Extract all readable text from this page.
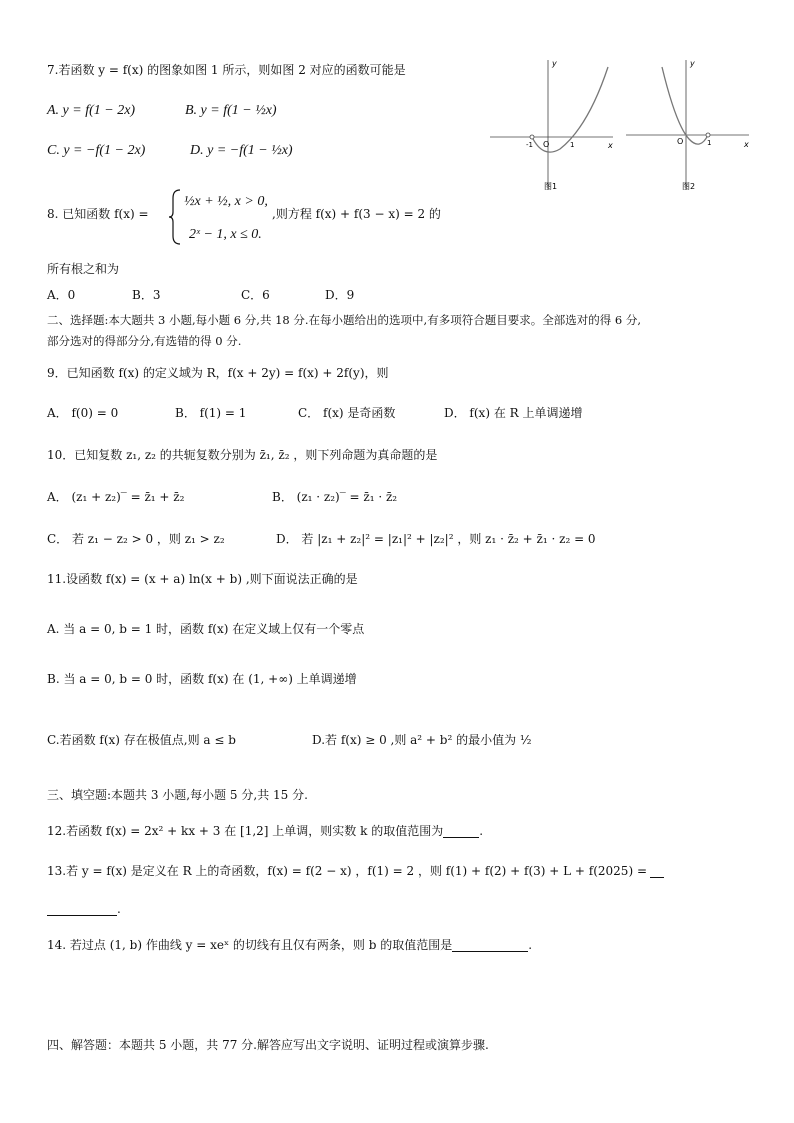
7.若函数 y = f(x) 的图象如图 1 所示，则如图 2 对应的函数可能是
A. y = f(1 − 2x)	B. y = f(1 − ½x)
C. y = −f(1 − 2x)	D. y = −f(1 − ½x)	x
y
O
-1	1
图1
x
y
O	1
图2
8. 已知函数 f(x) =
½x + ½, x > 0,
2ˣ − 1, x ≤ 0.
,则方程 f(x) + f(3 − x) = 2 的
所有根之和为
A．0	B．3	C．6	D．9
二、选择题:本大题共 3 小题,每小题 6 分,共 18 分.在每小题给出的选项中,有多项符合题目要求。全部选对的得 6 分,
部分选对的得部分分,有选错的得 0 分.
9．已知函数 f(x) 的定义域为 R，f(x + 2y) = f(x) + 2f(y)，则
A． f(0) = 0	B． f(1) = 1	C． f(x) 是奇函数	D． f(x) 在 R 上单调递增
10．已知复数 z₁, z₂ 的共轭复数分别为 z̄₁, z̄₂ ，则下列命题为真命题的是
A． (z₁ + z₂)‾ = z̄₁ + z̄₂	B． (z₁ · z₂)‾ = z̄₁ · z̄₂
C． 若 z₁ − z₂ > 0 ，则 z₁ > z₂	D． 若 |z₁ + z₂|² = |z₁|² + |z₂|² ，则 z₁ · z̄₂ + z̄₁ · z₂ = 0
11.设函数 f(x) = (x + a) ln(x + b) ,则下面说法正确的是
A. 当 a = 0, b = 1 时，函数 f(x) 在定义域上仅有一个零点
B. 当 a = 0, b = 0 时，函数 f(x) 在 (1, +∞) 上单调递增
C.若函数 f(x) 存在极值点,则 a ≤ b	D.若 f(x) ≥ 0 ,则 a² + b² 的最小值为 ½
三、填空题:本题共 3 小题,每小题 5 分,共 15 分.
12.若函数 f(x) = 2x² + kx + 3 在 [1,2] 上单调，则实数 k 的取值范围为	.
13.若 y = f(x) 是定义在 R 上的奇函数，f(x) = f(2 − x) ，f(1) = 2 ，则 f(1) + f(2) + f(3) + L + f(2025) =
.
14. 若过点 (1, b) 作曲线 y = xeˣ 的切线有且仅有两条，则 b 的取值范围是	.
四、解答题：本题共 5 小题，共 77 分.解答应写出文字说明、证明过程或演算步骤.
